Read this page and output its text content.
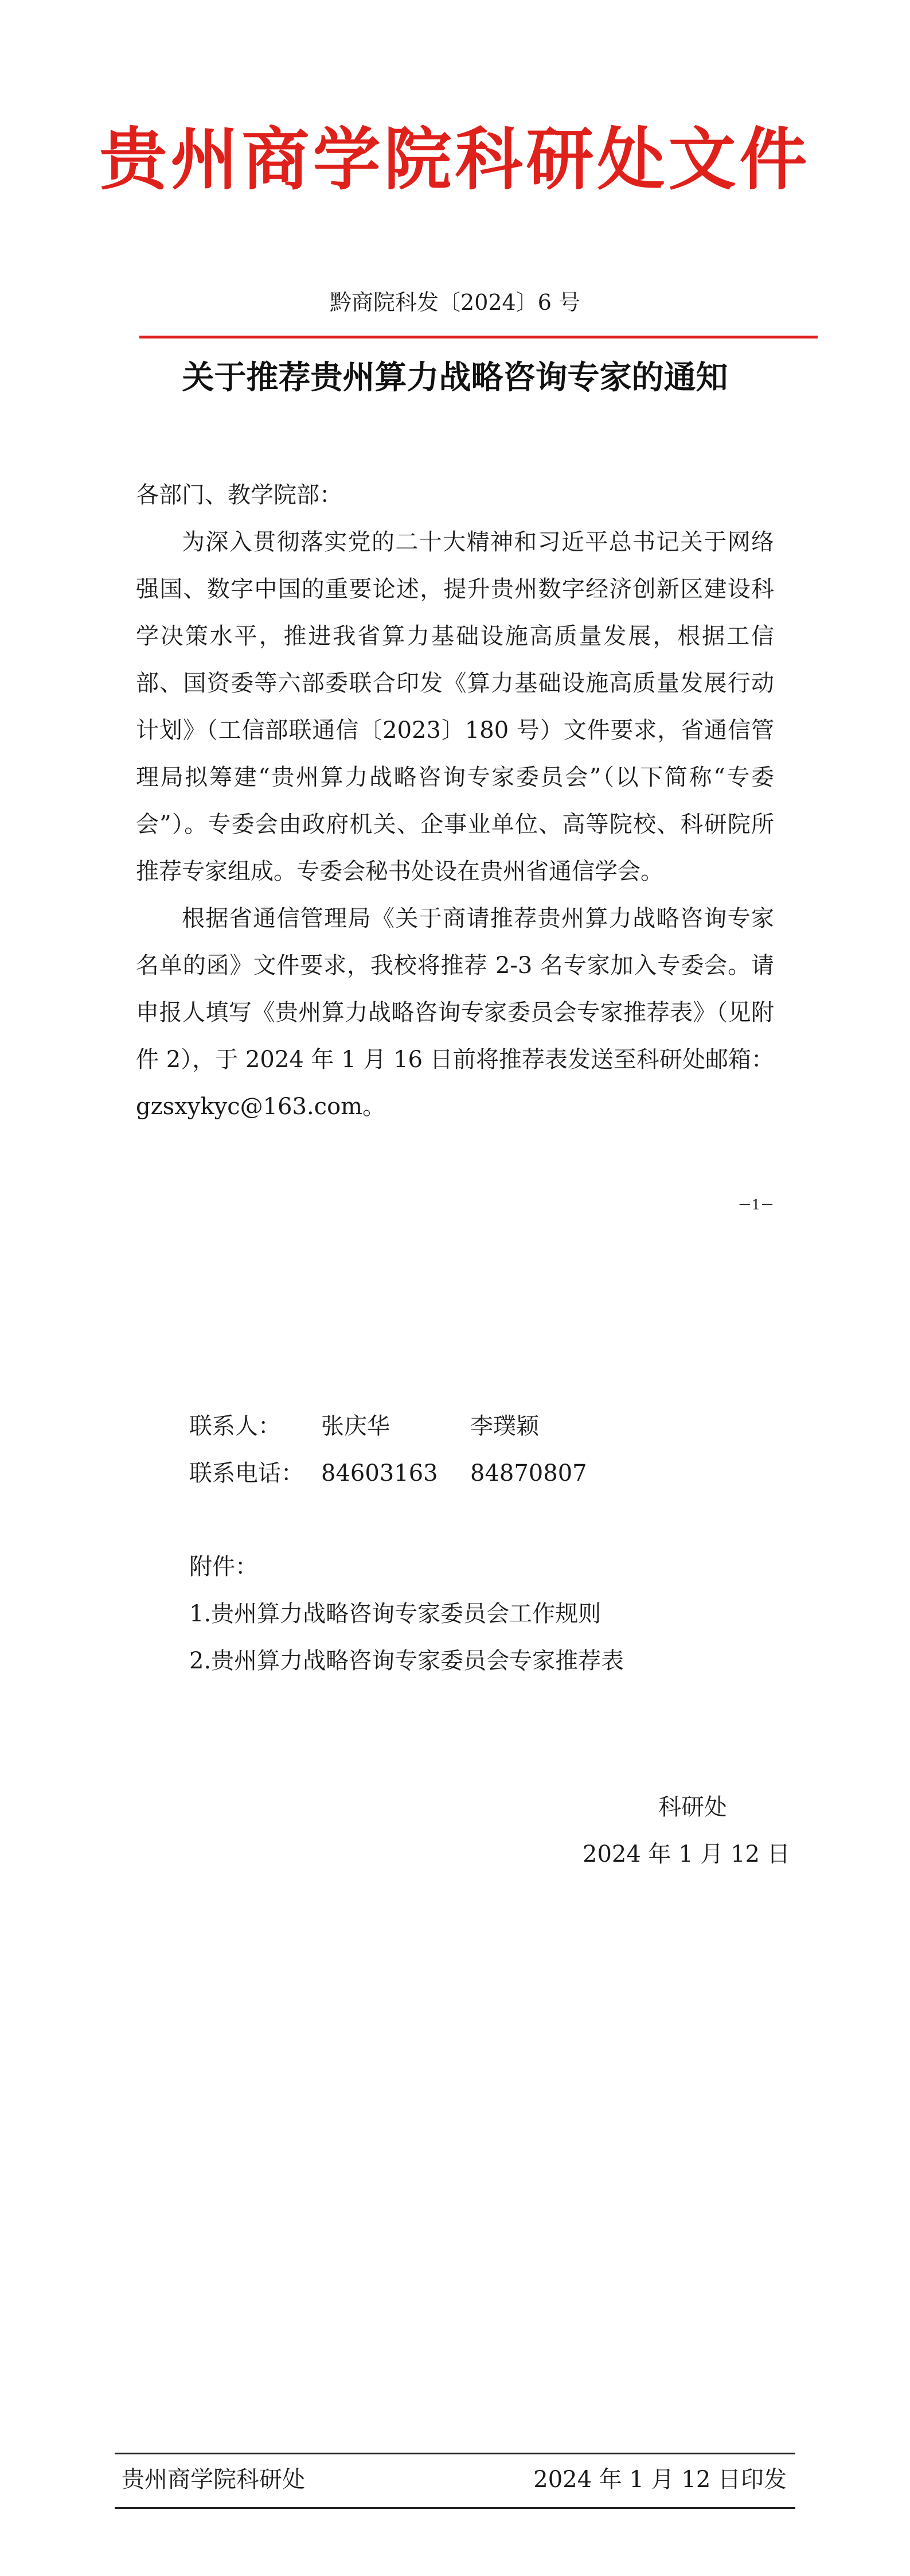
贵州商学院科研处文件
黔商院科发〔2024〕6 号
关于推荐贵州算力战略咨询专家的通知

各部门、教学院部：

为深入贯彻落实党的二十大精神和习近平总书记关于网络强国、数字中国的重要论述，提升贵州数字经济创新区建设科学决策水平，推进我省算力基础设施高质量发展，根据工信部、国资委等六部委联合印发《算力基础设施高质量发展行动计划》（工信部联通信〔2023〕180 号）文件要求，省通信管理局拟筹建“贵州算力战略咨询专家委员会”（以下简称“专委会”）。专委会由政府机关、企事业单位、高等院校、科研院所推荐专家组成。专委会秘书处设在贵州省通信学会。

根据省通信管理局《关于商请推荐贵州算力战略咨询专家名单的函》文件要求，我校将推荐 2-3 名专家加入专委会。请申报人填写《贵州算力战略咨询专家委员会专家推荐表》（见附件 2），于 2024 年 1 月 16 日前将推荐表发送至科研处邮箱：gzsxykyc@163.com。

－1－
联系人：	张庆华	李璞颖
联系电话： 84603163	84870807
附件：
1.贵州算力战略咨询专家委员会工作规则
2.贵州算力战略咨询专家委员会专家推荐表
科研处
2024 年 1 月 12 日
贵州商学院科研处	2024 年 1 月 12 日印发
